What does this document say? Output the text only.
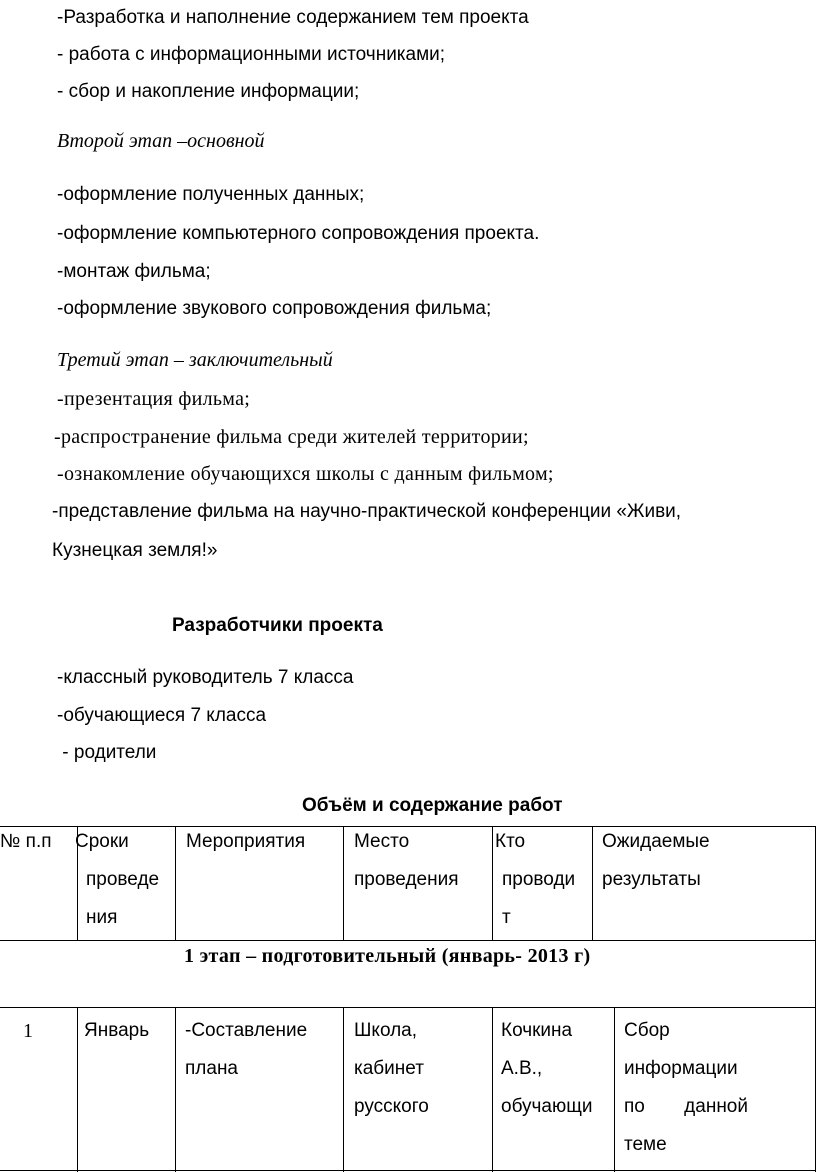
-Разработка и наполнение содержанием тем проекта
- работа с информационными источниками;
- сбор и накопление информации;
Второй этап –основной
-оформление полученных данных;
-оформление компьютерного сопровождения проекта.
-монтаж фильма;
-оформление звукового сопровождения фильма;
Третий этап – заключительный
-презентация фильма;
-распространение фильма среди жителей территории;
-ознакомление обучающихся школы с данным фильмом;
-представление фильма на научно-практической конференции «Живи,
Кузнецкая земля!»
Разработчики проекта
-классный руководитель 7 класса
-обучающиеся 7 класса
- родители
Объём и содержание работ
№ п.п Сроки
проведе
ния
Мероприятия	Место
проведения
Кто
проводи
т
Ожидаемые
результаты
1 этап – подготовительный (январь- 2013 г)
1	Январь -Составление
плана
Школа,
кабинет
русского
Кочкина
А.В.,
обучающи
Сбор
информации
по данной
теме
